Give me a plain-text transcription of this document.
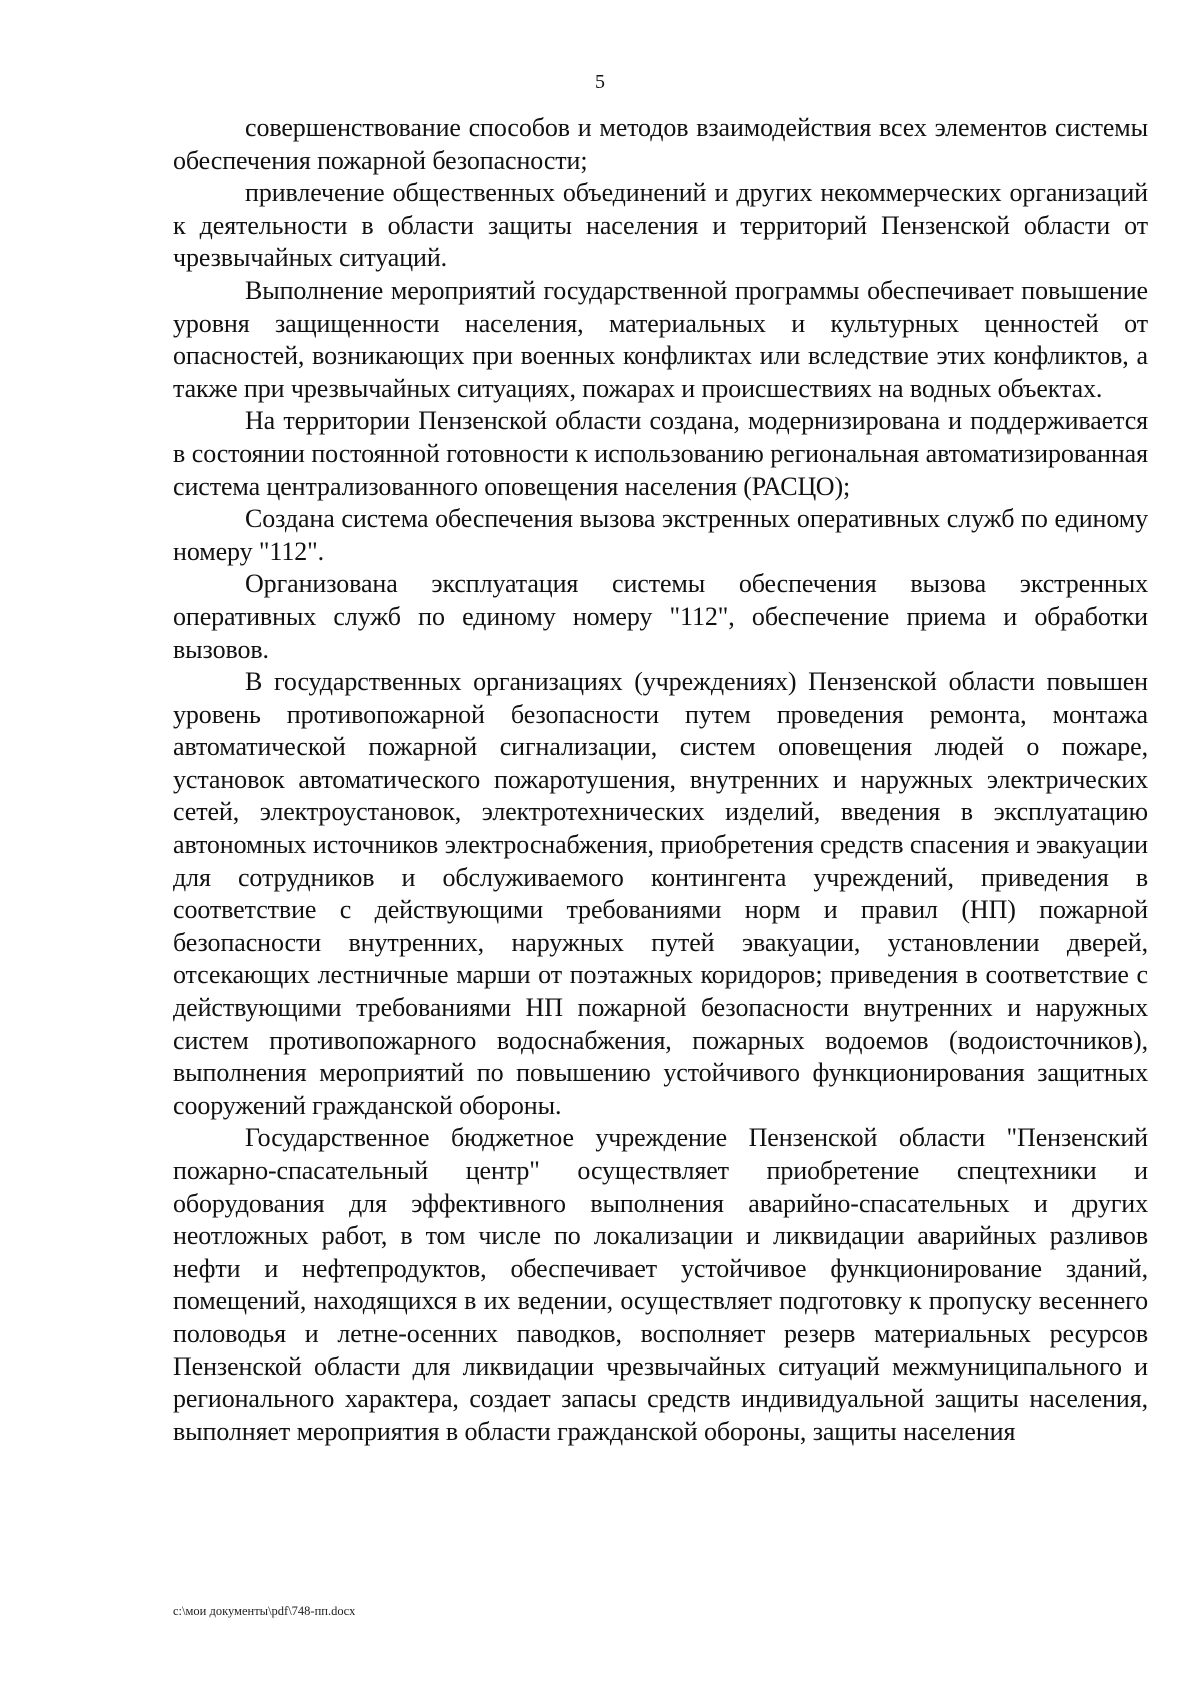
5

совершенствование способов и методов взаимодействия всех элементов системы обеспечения пожарной безопасности;

привлечение общественных объединений и других некоммерческих организаций к деятельности в области защиты населения и территорий Пензенской области от чрезвычайных ситуаций.

Выполнение мероприятий государственной программы обеспечивает повышение уровня защищенности населения, материальных и культурных ценностей от опасностей, возникающих при военных конфликтах или вследствие этих конфликтов, а также при чрезвычайных ситуациях, пожарах и происшествиях на водных объектах.

На территории Пензенской области создана, модернизирована и поддерживается в состоянии постоянной готовности к использованию региональная автоматизированная система централизованного оповещения населения (РАСЦО);

Создана система обеспечения вызова экстренных оперативных служб по единому номеру "112".

Организована эксплуатация системы обеспечения вызова экстренных оперативных служб по единому номеру "112", обеспечение приема и обработки вызовов.

В государственных организациях (учреждениях) Пензенской области повышен уровень противопожарной безопасности путем проведения ремонта, монтажа автоматической пожарной сигнализации, систем оповещения людей о пожаре, установок автоматического пожаротушения, внутренних и наружных электрических сетей, электроустановок, электротехнических изделий, введения в эксплуатацию автономных источников электроснабжения, приобретения средств спасения и эвакуации для сотрудников и обслуживаемого контингента учреждений, приведения в соответствие с действующими требованиями норм и правил (НП) пожарной безопасности внутренних, наружных путей эвакуации, установлении дверей, отсекающих лестничные марши от поэтажных коридоров; приведения в соответствие с действующими требованиями НП пожарной безопасности внутренних и наружных систем противопожарного водоснабжения, пожарных водоемов (водоисточников), выполнения мероприятий по повышению устойчивого функционирования защитных сооружений гражданской обороны.

Государственное бюджетное учреждение Пензенской области "Пензенский пожарно-спасательный центр" осуществляет приобретение спецтехники и оборудования для эффективного выполнения аварийно-спасательных и других неотложных работ, в том числе по локализации и ликвидации аварийных разливов нефти и нефтепродуктов, обеспечивает устойчивое функционирование зданий, помещений, находящихся в их ведении, осуществляет подготовку к пропуску весеннего половодья и летне-осенних паводков, восполняет резерв материальных ресурсов Пензенской области для ликвидации чрезвычайных ситуаций межмуниципального и регионального характера, создает запасы средств индивидуальной защиты населения, выполняет мероприятия в области гражданской обороны, защиты населения

c:\мои документы\pdf\748-пп.docx
